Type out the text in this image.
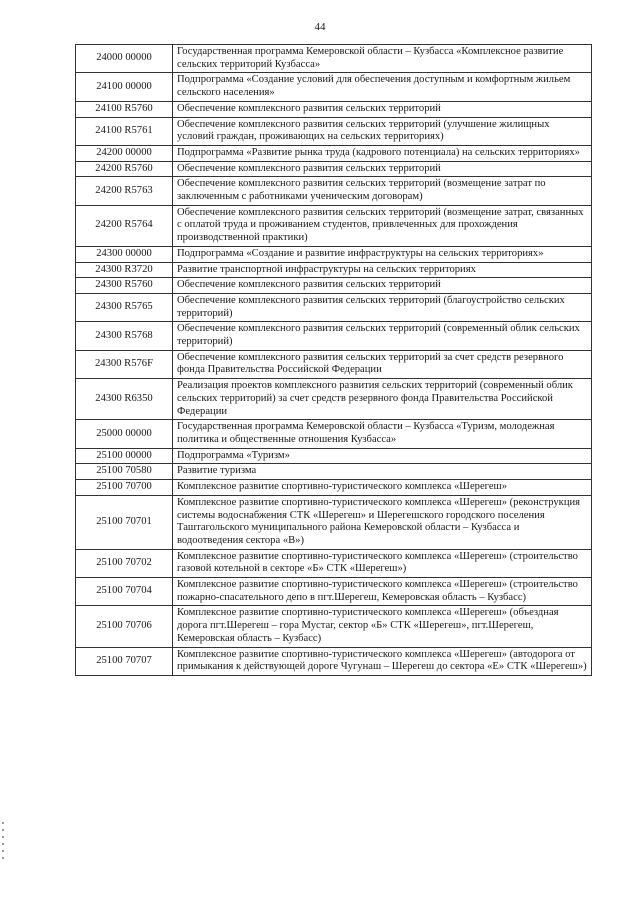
44
24000 00000	Государственная программа Кемеровской области – Кузбасса «Комплексное развитие сельских территорий Кузбасса»
24100 00000	Подпрограмма «Создание условий для обеспечения доступным и комфортным жильем сельского населения»
24100 R5760	Обеспечение комплексного развития сельских территорий
24100 R5761	Обеспечение комплексного развития сельских территорий (улучшение жилищных условий граждан, проживающих на сельских территориях)
24200 00000	Подпрограмма «Развитие рынка труда (кадрового потенциала) на сельских территориях»
24200 R5760	Обеспечение комплексного развития сельских территорий
24200 R5763	Обеспечение комплексного развития сельских территорий (возмещение затрат по заключенным с работниками ученическим договорам)
24200 R5764	Обеспечение комплексного развития сельских территорий (возмещение затрат, связанных с оплатой труда и проживанием студентов, привлеченных для прохождения производственной практики)
24300 00000	Подпрограмма «Создание и развитие инфраструктуры на сельских территориях»
24300 R3720	Развитие транспортной инфраструктуры на сельских территориях
24300 R5760	Обеспечение комплексного развития сельских территорий
24300 R5765	Обеспечение комплексного развития сельских территорий (благоустройство сельских территорий)
24300 R5768	Обеспечение комплексного развития сельских территорий (современный облик сельских территорий)
24300 R576F	Обеспечение комплексного развития сельских территорий за счет средств резервного фонда Правительства Российской Федерации
24300 R6350	Реализация проектов комплексного развития сельских территорий (современный облик сельских территорий) за счет средств резервного фонда Правительства Российской Федерации
25000 00000	Государственная программа Кемеровской области – Кузбасса «Туризм, молодежная политика и общественные отношения Кузбасса»
25100 00000	Подпрограмма «Туризм»
25100 70580	Развитие туризма
25100 70700	Комплексное развитие спортивно-туристического комплекса «Шерегеш»
25100 70701	Комплексное развитие спортивно-туристического комплекса «Шерегеш» (реконструкция системы водоснабжения СТК «Шерегеш» и Шерегешского городского поселения Таштагольского муниципального района Кемеровской области – Кузбасса и водоотведения сектора «В»)
25100 70702	Комплексное развитие спортивно-туристического комплекса «Шерегеш» (строительство газовой котельной в секторе «Б» СТК «Шерегеш»)
25100 70704	Комплексное развитие спортивно-туристического комплекса «Шерегеш» (строительство пожарно-спасательного депо в пгт.Шерегеш, Кемеровская область – Кузбасс)
25100 70706	Комплексное развитие спортивно-туристического комплекса «Шерегеш» (объездная дорога пгт.Шерегеш – гора Мустаг, сектор «Б» СТК «Шерегеш», пгт.Шерегеш, Кемеровская область – Кузбасс)
25100 70707	Комплексное развитие спортивно-туристического комплекса «Шерегеш» (автодорога от примыкания к действующей дороге Чугунаш – Шерегеш до сектора «Е» СТК «Шерегеш»)
